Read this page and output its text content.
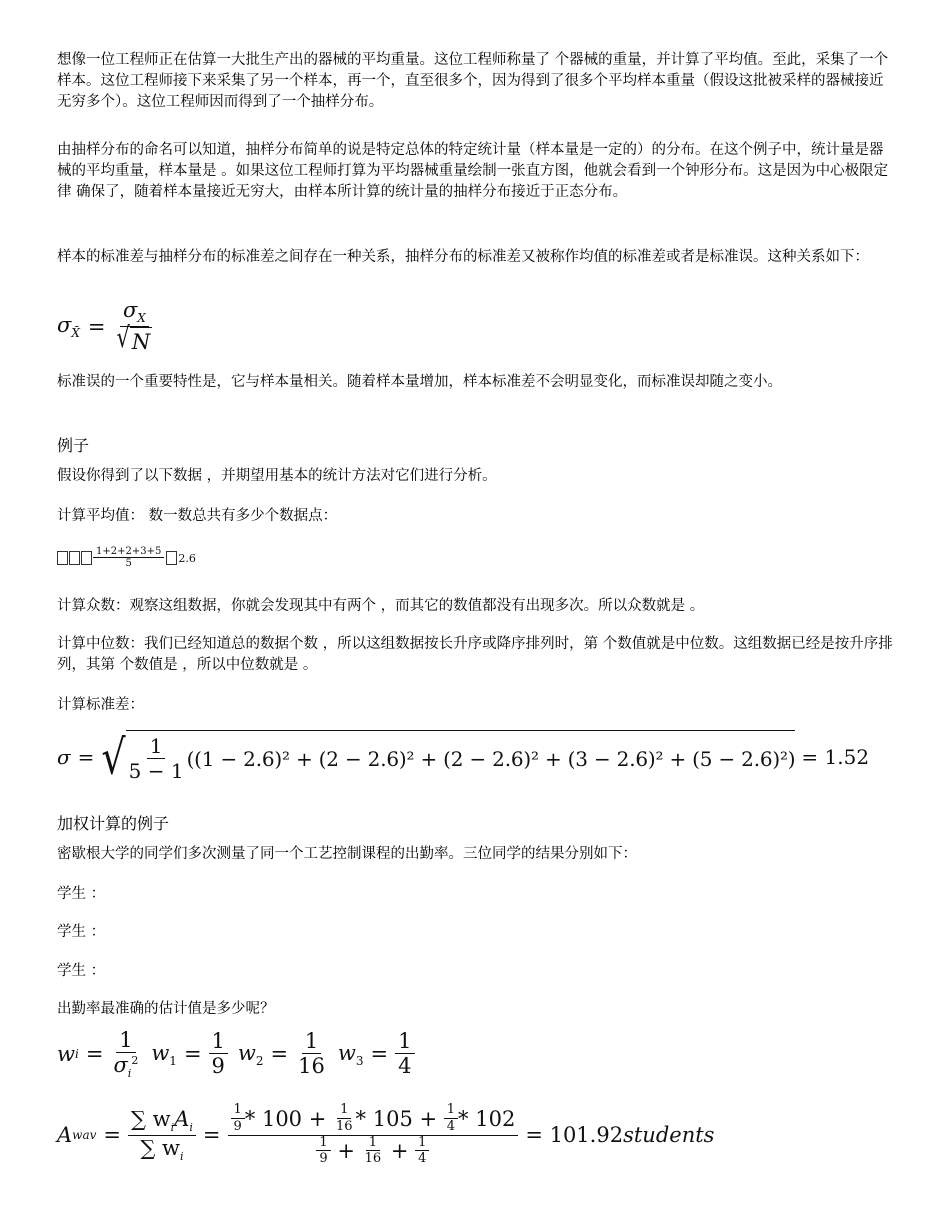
想像一位工程师正在估算一大批生产出的器械的平均重量。这位工程师称量了 个器械的重量，并计算了平均值。至此，采集了一个样本。这位工程师接下来采集了另一个样本，再一个，直至很多个，因为得到了很多个平均样本重量（假设这批被采样的器械接近无穷多个）。这位工程师因而得到了一个抽样分布。

由抽样分布的命名可以知道，抽样分布简单的说是特定总体的特定统计量（样本量是一定的）的分布。在这个例子中，统计量是器械的平均重量，样本量是 。如果这位工程师打算为平均器械重量绘制一张直方图，他就会看到一个钟形分布。这是因为中心极限定律 确保了，随着样本量接近无穷大，由样本所计算的统计量的抽样分布接近于正态分布。

样本的标准差与抽样分布的标准差之间存在一种关系，抽样分布的标准差又被称作均值的标准差或者是标准误。这种关系如下：

$\sigma_{X̄} = \frac{\sigma_X}{√N}$

标准误的一个重要特性是，它与样本量相关。随着样本量增加，样本标准差不会明显变化，而标准误却随之变小。

例子

假设你得到了以下数据 ，并期望用基本的统计方法对它们进行分析。

计算平均值： 数一数总共有多少个数据点：

$\frac{1+2+2+3+5}{5} 2.6$

计算众数：观察这组数据，你就会发现其中有两个 ，而其它的数值都没有出现多次。所以众数就是 。

计算中位数：我们已经知道总的数据个数 ，所以这组数据按长升序或降序排列时，第 个数值就是中位数。这组数据已经是按升序排列，其第 个数值是 ，所以中位数就是 。

计算标准差：

σ = √ $\frac{1}{5 - 1} ((1 - 2.6)^2 + (2 - 2.6)^2 + (2 - 2.6)^2 + (3 - 2.6)^2 + (5 - 2.6)^2) = 1.52$
加权计算的例子

密歇根大学的同学们多次测量了同一个工艺控制课程的出勤率。三位同学的结果分别如下：

学生 ：

学生 ：

学生 ：

出勤率最准确的估计值是多少呢？

w $i = \frac{1}{\sigma_i^2} w_1 = \frac{1}{9} w_2 = \frac{1}{16} w_3 = \frac{1}{4}$
A wav = $\frac{\sum w_iA_i}{\sum w_i}$ =
$\frac{1}{9} * 100 + \frac{1}{16} * 105 + \frac{1}{4} * 102$
$\frac{1}{9} + \frac{1}{16} + \frac{1}{4}$
= 101.92 students
